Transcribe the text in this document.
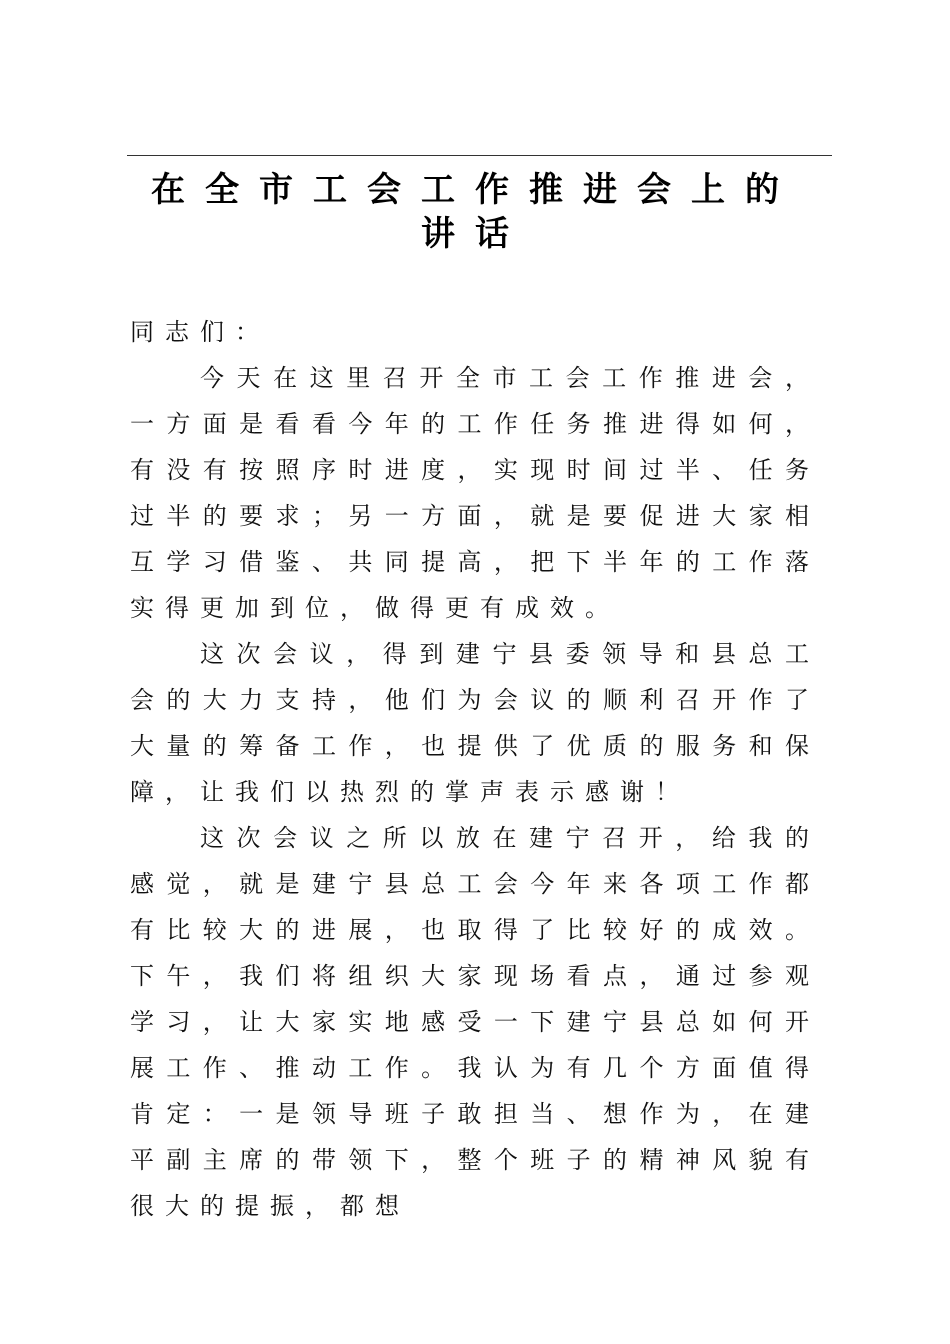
在全市工会工作推进会上的讲话

同志们：

今天在这里召开全市工会工作推进会，一方面是看看今年的工作任务推进得如何，有没有按照序时进度，实现时间过半、任务过半的要求；另一方面，就是要促进大家相互学习借鉴、共同提高，把下半年的工作落实得更加到位，做得更有成效。

这次会议，得到建宁县委领导和县总工会的大力支持，他们为会议的顺利召开作了大量的筹备工作，也提供了优质的服务和保障，让我们以热烈的掌声表示感谢！

这次会议之所以放在建宁召开，给我的感觉，就是建宁县总工会今年来各项工作都有比较大的进展，也取得了比较好的成效。下午，我们将组织大家现场看点，通过参观学习，让大家实地感受一下建宁县总如何开展工作、推动工作。我认为有几个方面值得肯定：一是领导班子敢担当、想作为，在建平副主席的带领下，整个班子的精神风貌有很大的提振，都想
